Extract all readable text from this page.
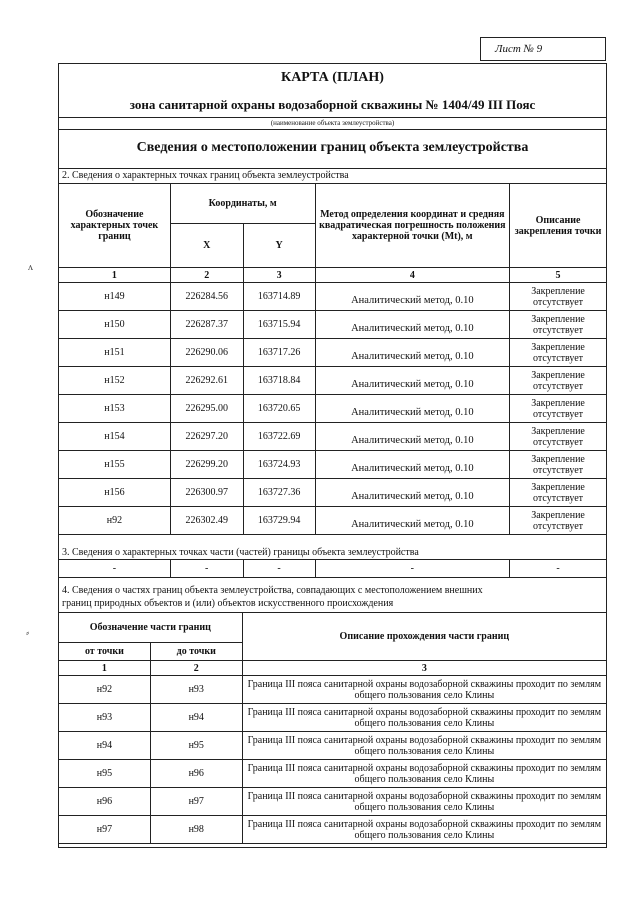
Лист № 9
КАРТА (ПЛАН)
зона санитарной охраны водозаборной скважины № 1404/49 III Пояс
(наименование объекта землеустройства)
Сведения о местоположении границ объекта землеустройства
2. Сведения о характерных точках границ объекта землеустройства
Обозначение характерных точек границ	Координаты, м		Метод определения координат и средняя квадратическая погрешность положения характерной точки (Mt), м	Описание закрепления точки
	X	Y		
1	2	3	4	5
н149	226284.56	163714.89	Аналитический метод, 0.10	Закрепление отсутствует
н150	226287.37	163715.94	Аналитический метод, 0.10	Закрепление отсутствует
н151	226290.06	163717.26	Аналитический метод, 0.10	Закрепление отсутствует
н152	226292.61	163718.84	Аналитический метод, 0.10	Закрепление отсутствует
н153	226295.00	163720.65	Аналитический метод, 0.10	Закрепление отсутствует
н154	226297.20	163722.69	Аналитический метод, 0.10	Закрепление отсутствует
н155	226299.20	163724.93	Аналитический метод, 0.10	Закрепление отсутствует
н156	226300.97	163727.36	Аналитический метод, 0.10	Закрепление отсутствует
н92	226302.49	163729.94	Аналитический метод, 0.10	Закрепление отсутствует
3. Сведения о характерных точках части (частей) границы объекта землеустройства
-	-	-	-	-
4. Сведения о частях границ объекта землеустройства, совпадающих с местоположением внешних
границ природных объектов и (или) объектов искусственного происхождения
Обозначение части границ		Описание прохождения части границ
от точки	до точки	
1	2	3
н92	н93	Граница III пояса санитарной охраны водозаборной скважины проходит по землям общего пользования село Клины
н93	н94	Граница III пояса санитарной охраны водозаборной скважины проходит по землям общего пользования село Клины
н94	н95	Граница III пояса санитарной охраны водозаборной скважины проходит по землям общего пользования село Клины
н95	н96	Граница III пояса санитарной охраны водозаборной скважины проходит по землям общего пользования село Клины
н96	н97	Граница III пояса санитарной охраны водозаборной скважины проходит по землям общего пользования село Клины
н97	н98	Граница III пояса санитарной охраны водозаборной скважины проходит по землям общего пользования село Клины
ᴧ
⸗
